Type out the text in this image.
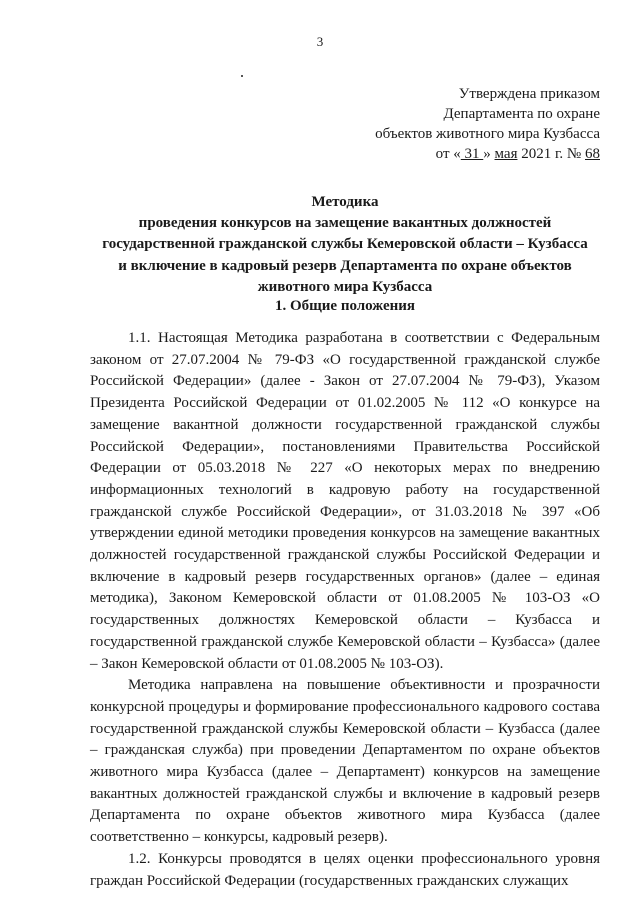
3
Утверждена приказом
Департамента по охране
объектов животного мира Кузбасса
от « 31 » мая 2021 г. № 68
Методика
проведения конкурсов на замещение вакантных должностей
государственной гражданской службы Кемеровской области – Кузбасса
и включение в кадровый резерв Департамента по охране объектов
животного мира Кузбасса
1. Общие положения

1.1. Настоящая Методика разработана в соответствии с Федеральным законом от 27.07.2004 № 79-ФЗ «О государственной гражданской службе Российской Федерации» (далее - Закон от 27.07.2004 № 79-ФЗ), Указом Президента Российской Федерации от 01.02.2005 № 112 «О конкурсе на замещение вакантной должности государственной гражданской службы Российской Федерации», постановлениями Правительства Российской Федерации от 05.03.2018 № 227 «О некоторых мерах по внедрению информационных технологий в кадровую работу на государственной гражданской службе Российской Федерации», от 31.03.2018 № 397 «Об утверждении единой методики проведения конкурсов на замещение вакантных должностей государственной гражданской службы Российской Федерации и включение в кадровый резерв государственных органов» (далее – единая методика), Законом Кемеровской области от 01.08.2005 № 103-ОЗ «О государственных должностях Кемеровской области – Кузбасса и государственной гражданской службе Кемеровской области – Кузбасса» (далее – Закон Кемеровской области от 01.08.2005 № 103-ОЗ).

Методика направлена на повышение объективности и прозрачности конкурсной процедуры и формирование профессионального кадрового состава государственной гражданской службы Кемеровской области – Кузбасса (далее – гражданская служба) при проведении Департаментом по охране объектов животного мира Кузбасса (далее – Департамент) конкурсов на замещение вакантных должностей гражданской службы и включение в кадровый резерв Департамента по охране объектов животного мира Кузбасса (далее соответственно – конкурсы, кадровый резерв).

1.2. Конкурсы проводятся в целях оценки профессионального уровня граждан Российской Федерации (государственных гражданских служащих
